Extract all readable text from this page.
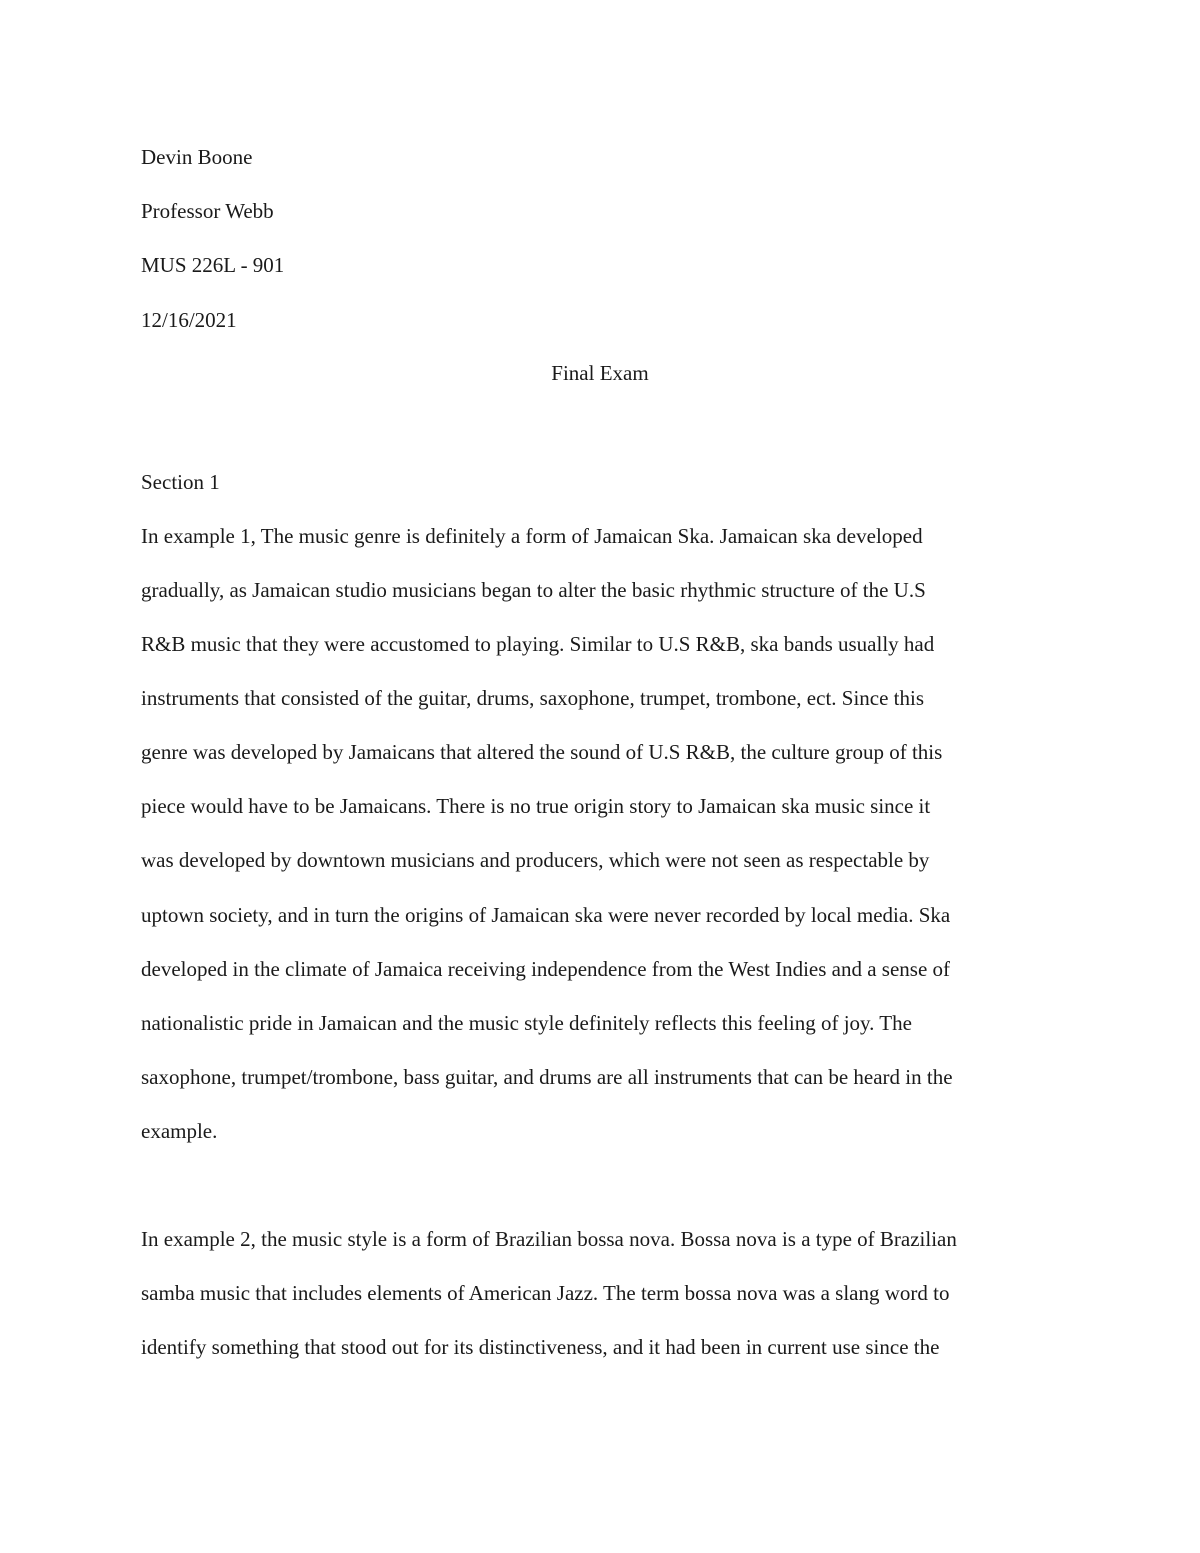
Devin Boone
Professor Webb
MUS 226L - 901
12/16/2021
Final Exam
Section 1
In example 1, The music genre is definitely a form of Jamaican Ska. Jamaican ska developed
gradually, as Jamaican studio musicians began to alter the basic rhythmic structure of the U.S
R&B music that they were accustomed to playing. Similar to U.S R&B, ska bands usually had
instruments that consisted of the guitar, drums, saxophone, trumpet, trombone, ect. Since this
genre was developed by Jamaicans that altered the sound of U.S R&B, the culture group of this
piece would have to be Jamaicans. There is no true origin story to Jamaican ska music since it
was developed by downtown musicians and producers, which were not seen as respectable by
uptown society, and in turn the origins of Jamaican ska were never recorded by local media. Ska
developed in the climate of Jamaica receiving independence from the West Indies and a sense of
nationalistic pride in Jamaican and the music style definitely reflects this feeling of joy. The
saxophone, trumpet/trombone, bass guitar, and drums are all instruments that can be heard in the
example.
In example 2, the music style is a form of Brazilian bossa nova. Bossa nova is a type of Brazilian
samba music that includes elements of American Jazz. The term bossa nova was a slang word to
identify something that stood out for its distinctiveness, and it had been in current use since the
